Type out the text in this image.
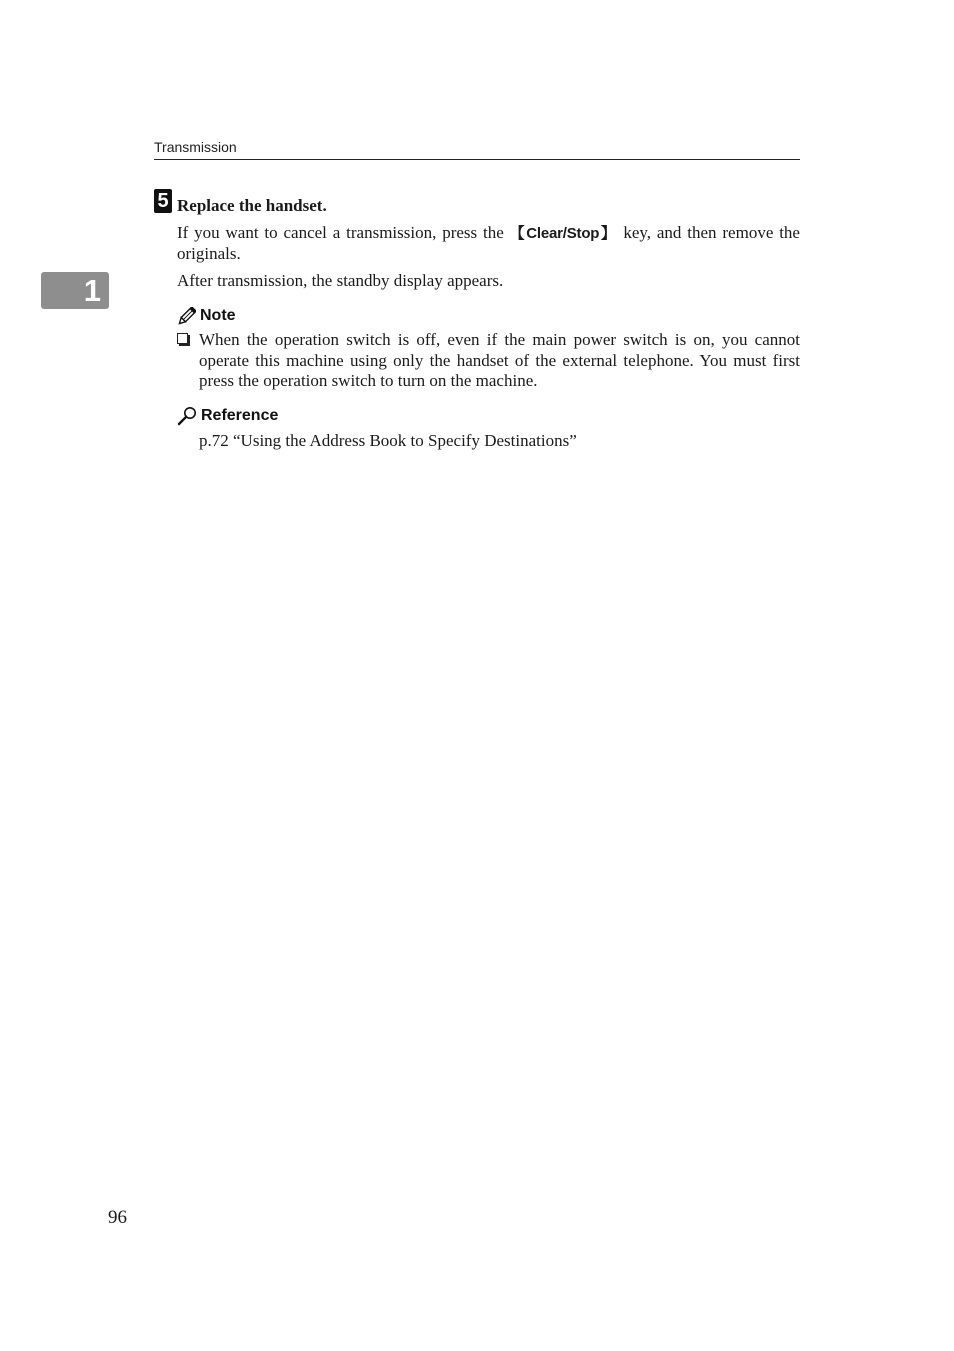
Transmission
1
5 Replace the handset.
If you want to cancel a transmission, press the 【Clear/Stop】 key, and then remove the originals.
After transmission, the standby display appears.
Note
When the operation switch is off, even if the main power switch is on, you cannot operate this machine using only the handset of the external telephone. You must first press the operation switch to turn on the machine.
Reference
p.72 “Using the Address Book to Specify Destinations”
96
